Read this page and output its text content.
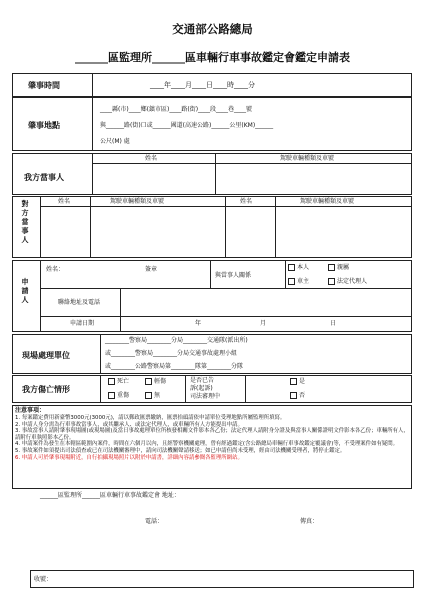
交通部公路總局
______區監理所______區車輛行車事故鑑定會鑑定申請表
肇事時間	____年____月____日____時____分
肇事地點
____縣(市)____鄉(鎮市區)____路(街)____段____巷____號
與______路(街)口或______國道(高速公路)______公里(KM)______
公尺(M) 處
我方當事人
姓名	駕駛車輛種類及車號
對方當事人	姓名	駕駛車輛種類及車號	姓名	駕駛車輛種類及車號
申請人
姓名：	簽章
與當事人關係
本人	親屬
車主	法定代理人
聯絡地址及電話
申請日期	年	月	日
現場處理單位
________警察局________分局________交通隊(派出所)
或________警察局________分局交通事故處理小組
或________公路警察局第________隊第________分隊
我方傷亡情形
死亡	輕傷
重傷	無
是否已告
訴(起訴)
司法審理中
是
否
注意事項：
1. 每案鑑定費用新臺幣3000元(3000元)，請以郵政匯票繳納，匯票抬頭請依申請單位受理地點所屬監理所填寫。
2. 申請人身分需為行車事故當事人，或其繼承人、或法定代理人，或車輛所有人方能提出申請。
3. 事故當事人請附肇事現場圖(或現場圖)及當日事故處理單位所核發相關文件影本各乙份；法定代理人請附身分證及與當事人關係證明文件影本各乙份；車輛所有人，請附行車執照影本乙份。
4. 申請案件為發生在本轄區範圍內案件，時間在六個月以內，且經警察機關處理，曾有經過鑑定(含公路總局車輛行車事故鑑定覆議會)等，不受理案件如有疑問。
5. 事故案件如須提出司法偵查或已在司法機關審理中，請向司法機關聲請移送；如已申請但尚未受理，經由司法機關受理者，將停止鑑定。
6. 申請人可於肇事現場附近，自行拍攝現場照片以附於申請書，詳細內容請參閱各監理所網站。
______區監理所______區車輛行車事故鑑定會 地址：
電話：	傳真：
收號：
